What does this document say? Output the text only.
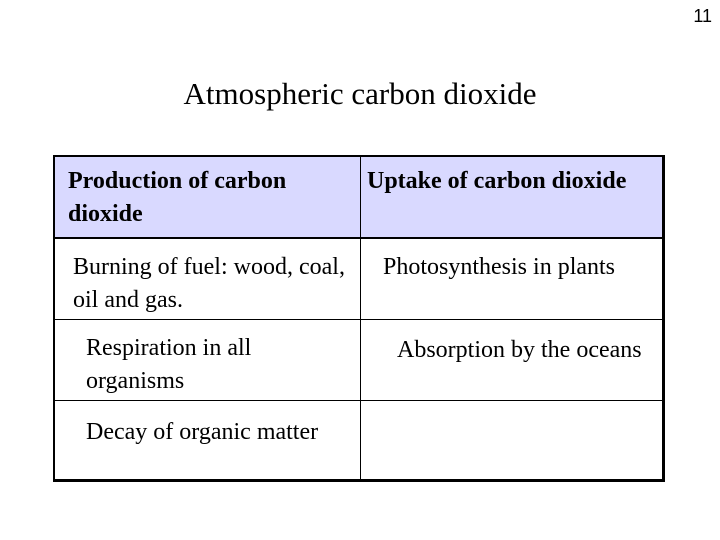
11
Atmospheric carbon dioxide
Production of carbon dioxide
Uptake of carbon dioxide
Burning of fuel: wood, coal, oil and gas.
Photosynthesis in plants
Respiration in all organisms
Absorption by the oceans
Decay of organic matter
